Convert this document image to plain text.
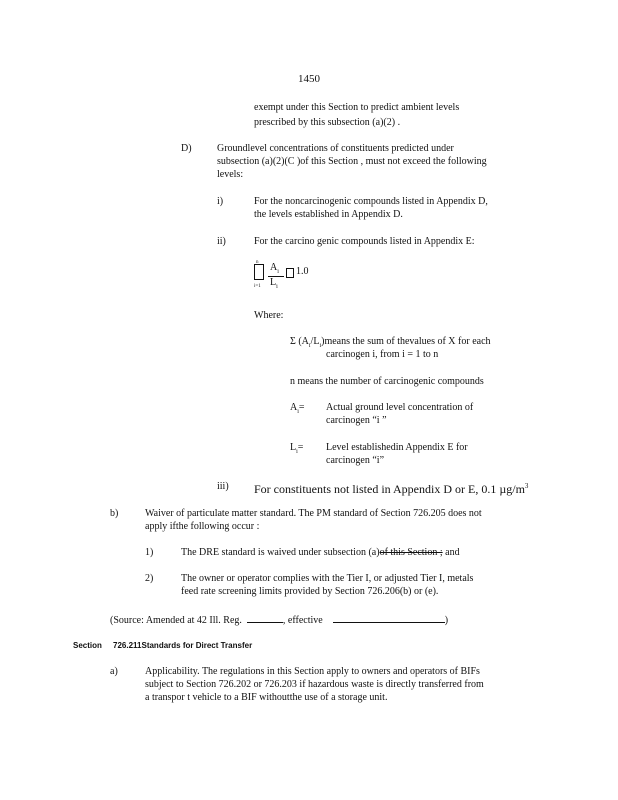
1450
exempt under this Section to predict ambient levels
prescribed by this subsection (a)(2) .
D)	Groundlevel concentrations of constituents predicted under
subsection (a)(2)(C )of this Section , must not exceed the following
levels:
i)	For the noncarcinogenic compounds listed in Appendix D,
the levels established in Appendix D.
ii)	For the carcino genic compounds listed in Appendix E:
n
i=1
$A_i$
$L_i$
1.0
Where:
Σ $(A_i/L_i)means$ the sum of thevalues of X for each
carcinogen i, from i = 1 to n
n means the number of carcinogenic compounds
$A_i=$ Actual ground level concentration of
carcinogen “i ”
$L_i=$ Level establishedin Appendix E for
carcinogen “i”
iii) For constituents not listed in Appendix D or E, 0.1 $\mu g/m^3$
b)	Waiver of particulate matter standard. The PM standard of Section 726.205 does not
apply ifthe following occur :
1)	The DRE standard is waived under subsection (a)of this Section ; and
2)	The owner or operator complies with the Tier I, or adjusted Tier I, metals
feed rate screening limits provided by Section 726.206(b) or (e).
(Source: Amended at 42 Ill. Reg.	, effective	)
Section 726.211Standards for Direct Transfer
a)	Applicability. The regulations in this Section apply to owners and operators of BIFs
subject to Section 726.202 or 726.203 if hazardous waste is directly transferred from
a transpor t vehicle to a BIF withoutthe use of a storage unit.
